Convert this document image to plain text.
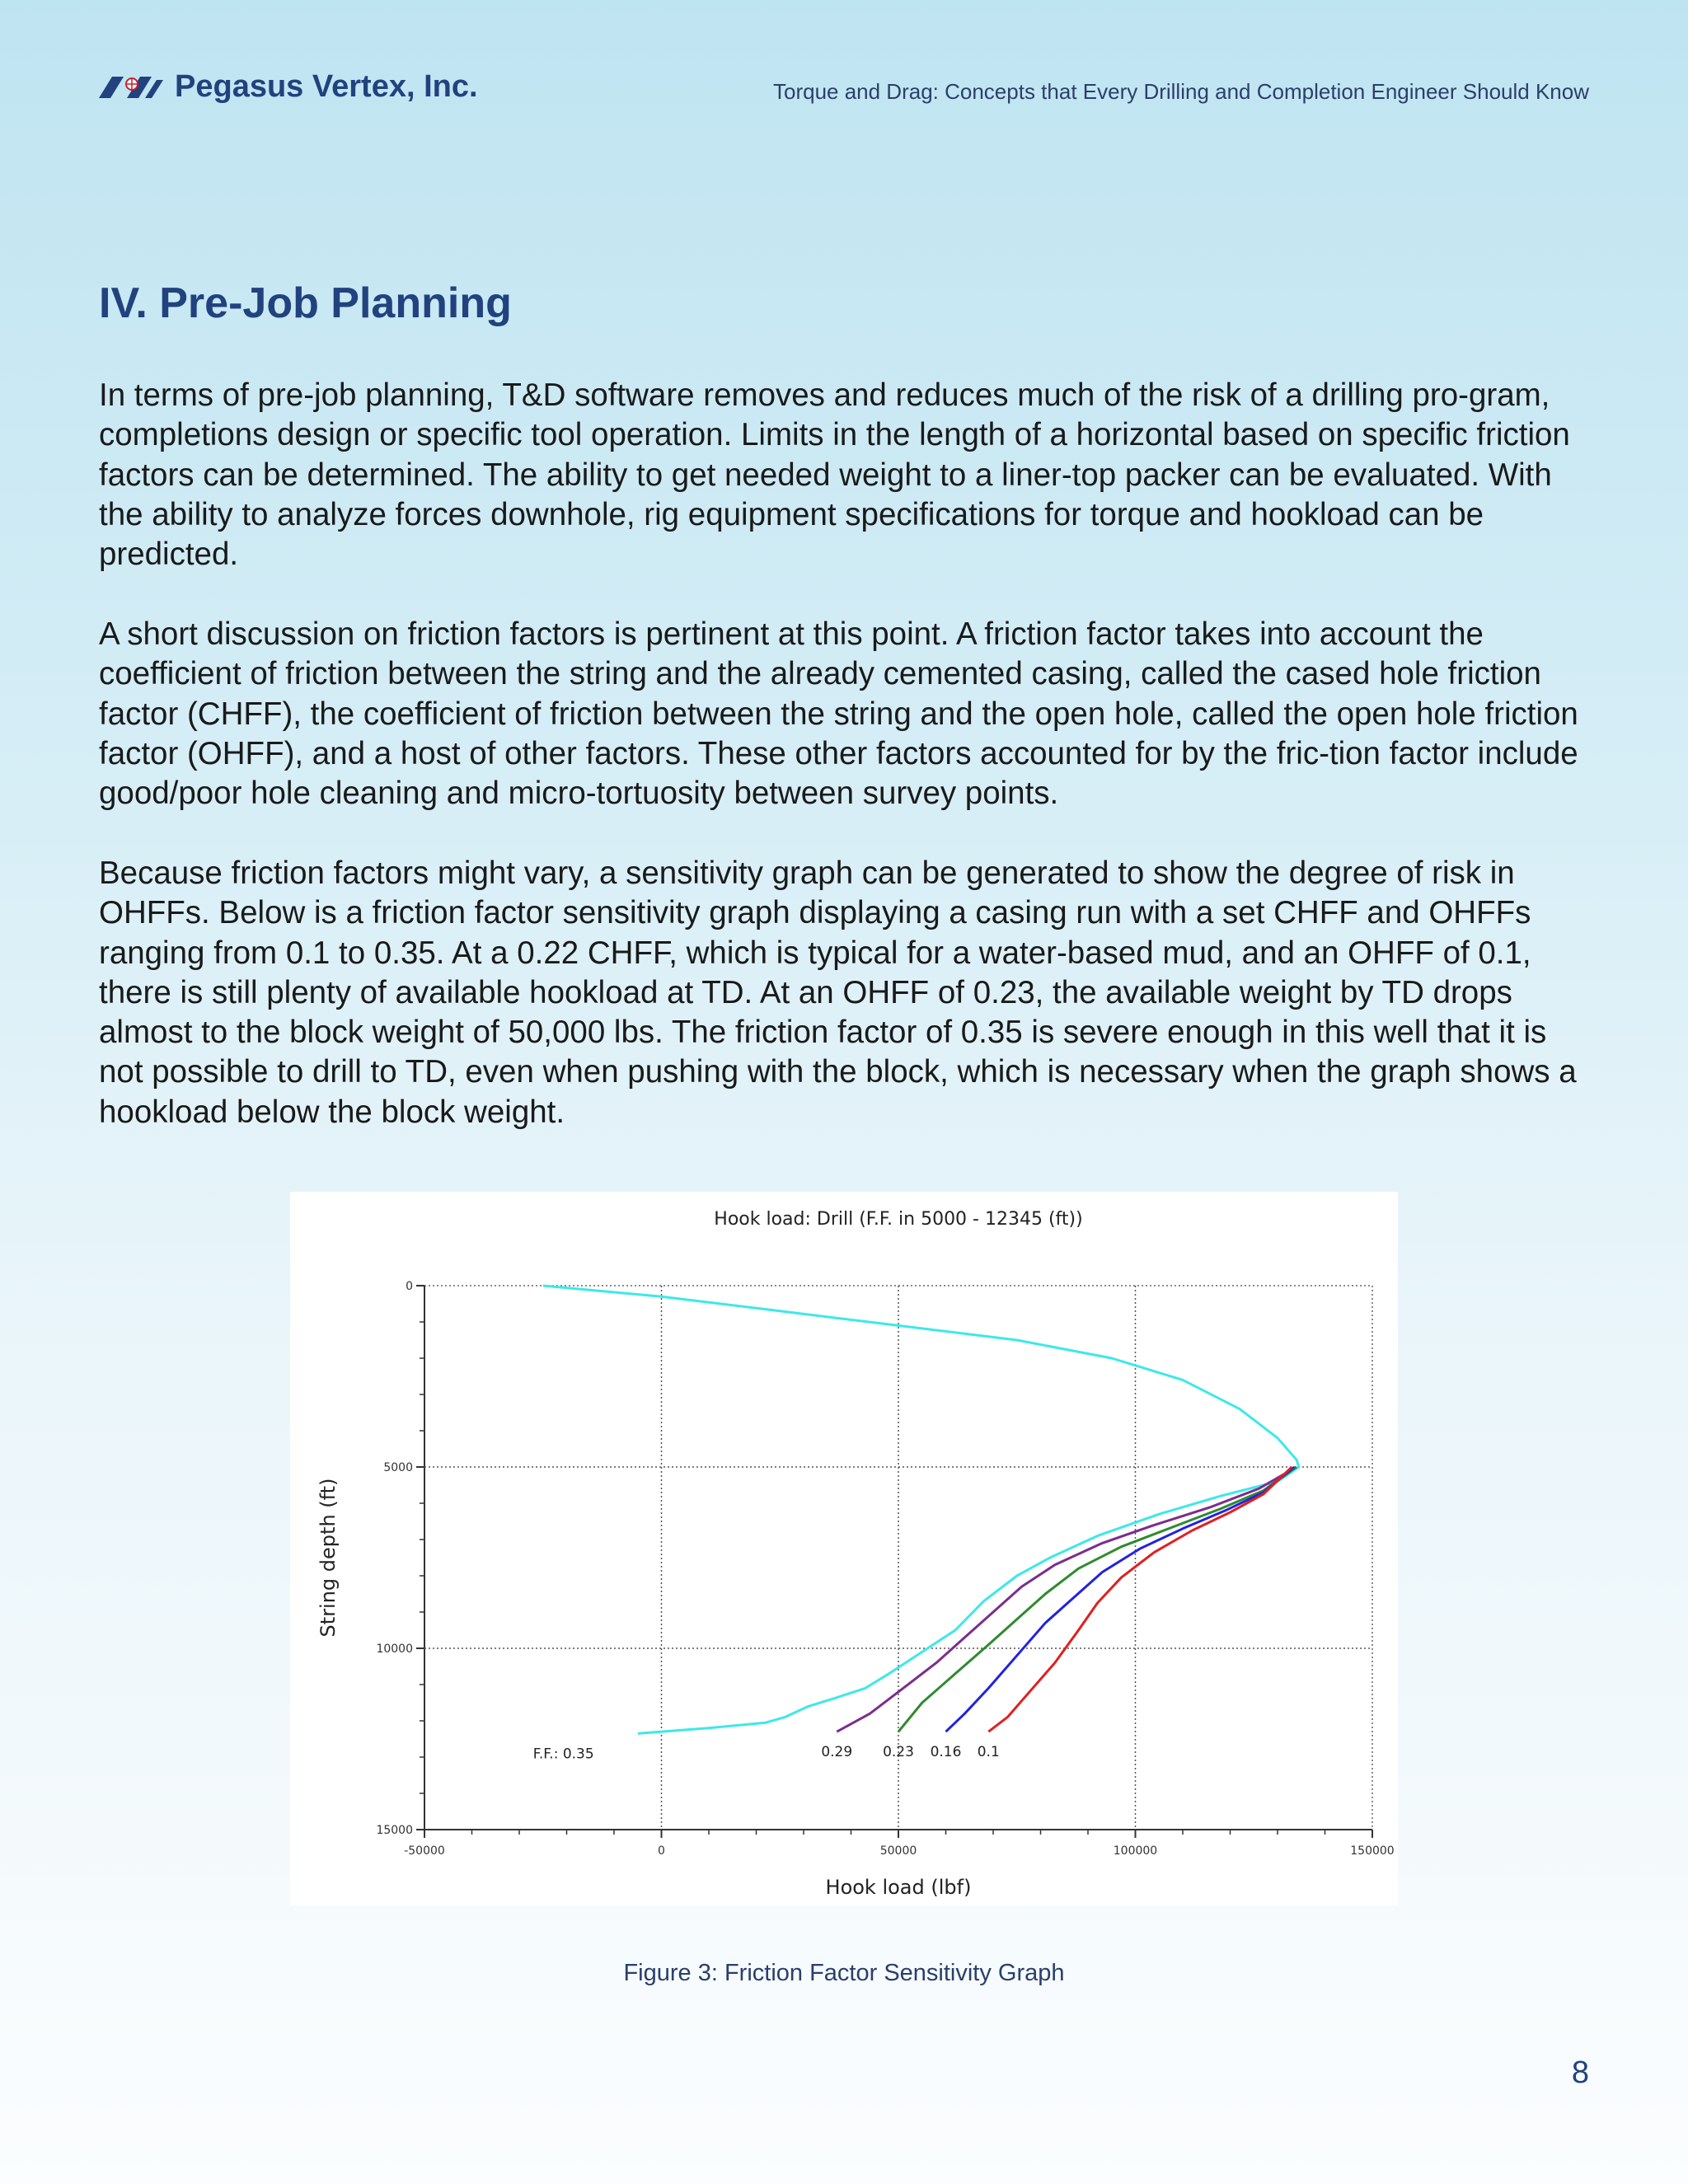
Pegasus Vertex, Inc.	Torque and Drag: Concepts that Every Drilling and Completion Engineer Should Know
IV. Pre-Job Planning

In terms of pre-job planning, T&D software removes and reduces much of the risk of a drilling pro-gram, completions design or specific tool operation. Limits in the length of a horizontal based on specific friction factors can be determined. The ability to get needed weight to a liner-top packer can be evaluated. With the ability to analyze forces downhole, rig equipment specifications for torque and hookload can be predicted.

A short discussion on friction factors is pertinent at this point. A friction factor takes into account the coefficient of friction between the string and the already cemented casing, called the cased hole friction factor (CHFF), the coefficient of friction between the string and the open hole, called the open hole friction factor (OHFF), and a host of other factors. These other factors accounted for by the fric-tion factor include good/poor hole cleaning and micro-tortuosity between survey points.

Because friction factors might vary, a sensitivity graph can be generated to show the degree of risk in OHFFs. Below is a friction factor sensitivity graph displaying a casing run with a set CHFF and OHFFs ranging from 0.1 to 0.35. At a 0.22 CHFF, which is typical for a water-based mud, and an OHFF of 0.1, there is still plenty of available hookload at TD. At an OHFF of 0.23, the available weight by TD drops almost to the block weight of 50,000 lbs. The friction factor of 0.35 is severe enough in this well that it is not possible to drill to TD, even when pushing with the block, which is necessary when the graph shows a hookload below the block weight.

Hook load: Drill (F.F. in 5000 - 12345 (ft))
-50000	0	50000	100000	150000
0
5000
10000
15000
Hook load (lbf)
String depth (ft)
F.F.: 0.35	0.29 0.23 0.16 0.1
Figure 3: Friction Factor Sensitivity Graph
8
